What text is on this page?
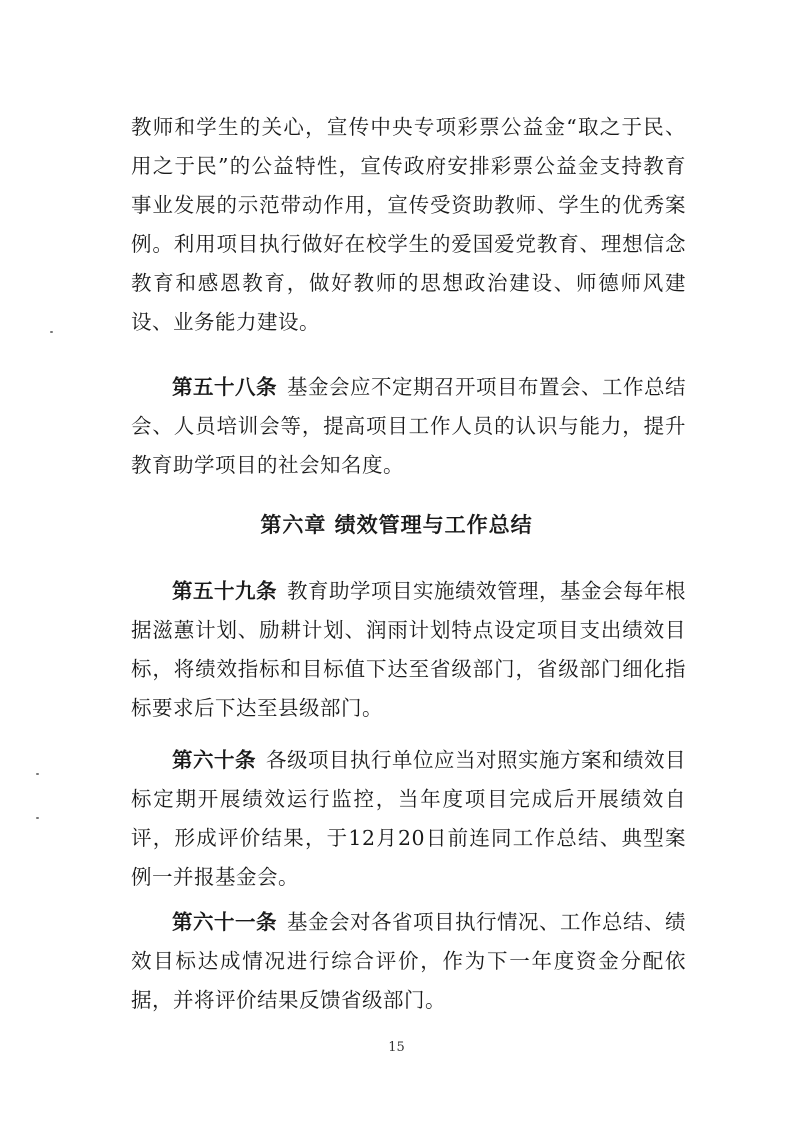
教师和学生的关心，宣传中央专项彩票公益金“取之于民、用之于民”的公益特性，宣传政府安排彩票公益金支持教育事业发展的示范带动作用，宣传受资助教师、学生的优秀案例。利用项目执行做好在校学生的爱国爱党教育、理想信念教育和感恩教育，做好教师的思想政治建设、师德师风建设、业务能力建设。
第五十八条 基金会应不定期召开项目布置会、工作总结会、人员培训会等，提高项目工作人员的认识与能力，提升教育助学项目的社会知名度。
第六章 绩效管理与工作总结
第五十九条 教育助学项目实施绩效管理，基金会每年根据滋蕙计划、励耕计划、润雨计划特点设定项目支出绩效目标，将绩效指标和目标值下达至省级部门，省级部门细化指标要求后下达至县级部门。
第六十条 各级项目执行单位应当对照实施方案和绩效目标定期开展绩效运行监控，当年度项目完成后开展绩效自评，形成评价结果，于12月20日前连同工作总结、典型案例一并报基金会。
第六十一条 基金会对各省项目执行情况、工作总结、绩效目标达成情况进行综合评价，作为下一年度资金分配依据，并将评价结果反馈省级部门。
15
